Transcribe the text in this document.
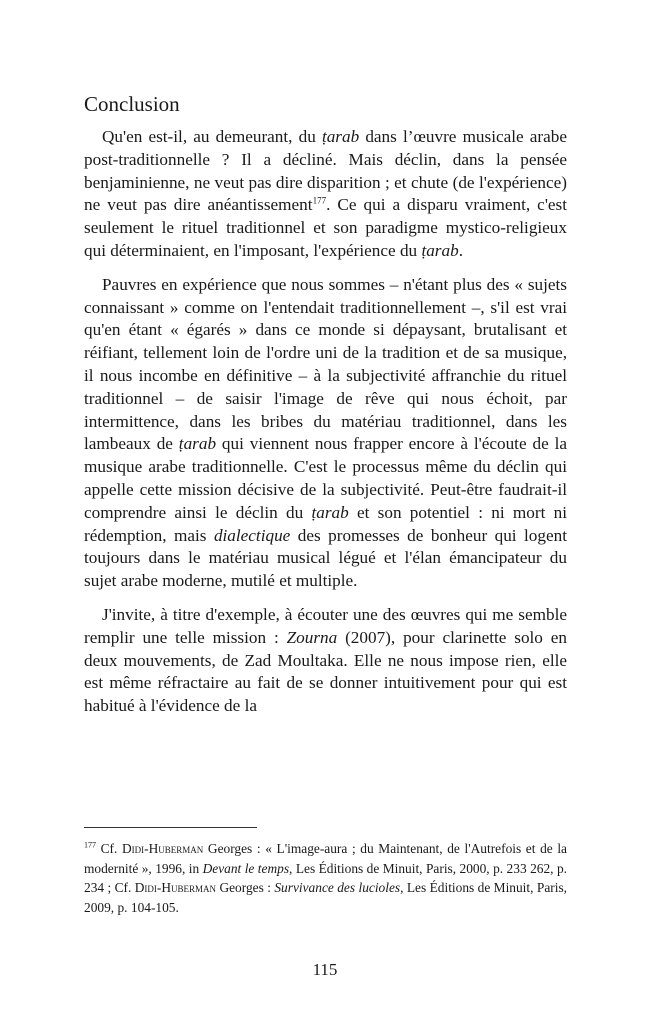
Conclusion

Qu'en est-il, au demeurant, du ṭarab dans l’œuvre musicale arabe post-traditionnelle ? Il a décliné. Mais déclin, dans la pensée benjaminienne, ne veut pas dire disparition ; et chute (de l'expérience) ne veut pas dire anéantissement$^{177}$. Ce qui a disparu vraiment, c'est seulement le rituel traditionnel et son paradigme mystico-religieux qui déterminaient, en l'imposant, l'expérience du ṭarab.

Pauvres en expérience que nous sommes – n'étant plus des « sujets connaissant » comme on l'entendait traditionnellement –, s'il est vrai qu'en étant « égarés » dans ce monde si dépaysant, brutalisant et réifiant, tellement loin de l'ordre uni de la tradition et de sa musique, il nous incombe en définitive – à la subjectivité affranchie du rituel traditionnel – de saisir l'image de rêve qui nous échoit, par intermittence, dans les bribes du matériau traditionnel, dans les lambeaux de ṭarab qui viennent nous frapper encore à l'écoute de la musique arabe traditionnelle. C'est le processus même du déclin qui appelle cette mission décisive de la subjectivité. Peut-être faudrait-il comprendre ainsi le déclin du ṭarab et son potentiel : ni mort ni rédemption, mais dialectique des promesses de bonheur qui logent toujours dans le matériau musical légué et l'élan émancipateur du sujet arabe moderne, mutilé et multiple.

J'invite, à titre d'exemple, à écouter une des œuvres qui me semble remplir une telle mission : Zourna (2007), pour clarinette solo en deux mouvements, de Zad Moultaka. Elle ne nous impose rien, elle est même réfractaire au fait de se donner intuitivement pour qui est habitué à l'évidence de la

$^{177}$ Cf. Didi-Huberman Georges : « L'image-aura ; du Maintenant, de l'Autrefois et de la modernité », 1996, in Devant le temps, Les Éditions de Minuit, Paris, 2000, p. 233 262, p. 234 ; Cf. Didi-Huberman Georges : Survivance des lucioles, Les Éditions de Minuit, Paris, 2009, p. 104-105.
115
